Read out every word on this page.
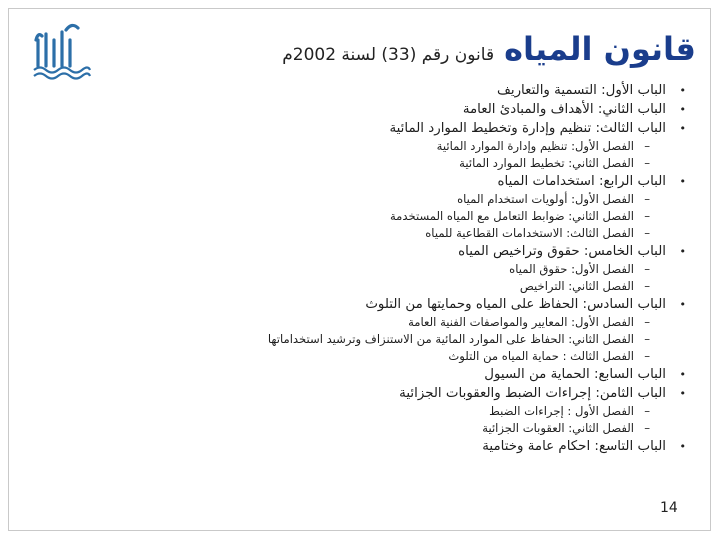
قانون المياه
قانون رقم (33) لسنة 2002م
•
الباب الأول: التسمية والتعاريف
•
الباب الثاني: الأهداف والمبادئ العامة
•
الباب الثالث: تنظيم وإدارة وتخطيط الموارد المائية
–
الفصل الأول: تنظيم وإدارة الموارد المائية
–
الفصل الثاني: تخطيط الموارد المائية
•
الباب الرابع: استخدامات المياه
–
الفصل الأول: أولويات استخدام المياه
–
الفصل الثاني: ضوابط التعامل مع المياه المستخدمة
–
الفصل الثالث: الاستخدامات القطاعية للمياه
•
الباب الخامس: حقوق وتراخيص المياه
–
الفصل الأول: حقوق المياه
–
الفصل الثاني: التراخيص
•
الباب السادس: الحفاظ على المياه وحمايتها من التلوث
–
الفصل الأول: المعايير والمواصفات الفنية العامة
–
الفصل الثاني: الحفاظ على الموارد المائية من الاستنزاف وترشيد استخداماتها
–
الفصل الثالث : حماية المياه من التلوث
•
الباب السابع: الحماية من السيول
•
الباب الثامن: إجراءات الضبط والعقوبات الجزائية
–
الفصل الأول : إجراءات الضبط
–
الفصل الثاني: العقوبات الجزائية
•
الباب التاسع: احكام عامة وختامية
14
